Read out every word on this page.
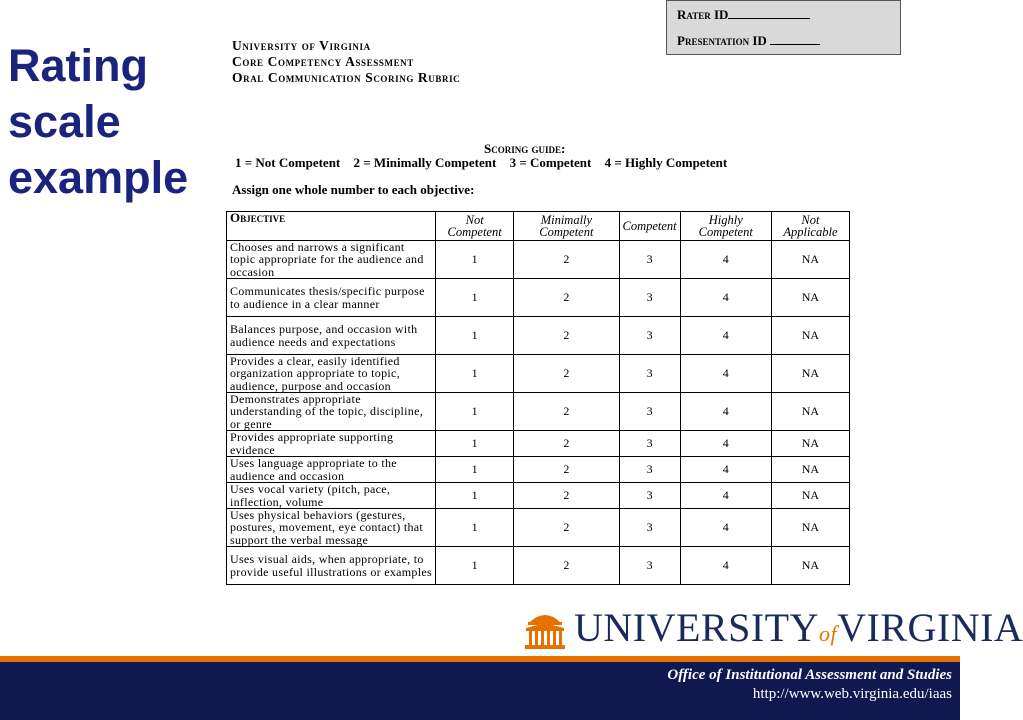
Rating scale example
Rater ID
Presentation ID
University of Virginia
Core Competency Assessment
Oral Communication Scoring Rubric
Scoring guide:
1 = Not Competent 2 = Minimally Competent 3 = Competent 4 = Highly Competent
Assign one whole number to each objective:
Objective	Not Competent	Minimally Competent	Competent	Highly Competent	Not Applicable
Chooses and narrows a significant topic appropriate for the audience and occasion	1	2	3	4	NA
Communicates thesis/specific purpose to audience in a clear manner	1	2	3	4	NA
Balances purpose, and occasion with audience needs and expectations	1	2	3	4	NA
Provides a clear, easily identified organization appropriate to topic, audience, purpose and occasion	1	2	3	4	NA
Demonstrates appropriate understanding of the topic, discipline, or genre	1	2	3	4	NA
Provides appropriate supporting evidence	1	2	3	4	NA
Uses language appropriate to the audience and occasion	1	2	3	4	NA
Uses vocal variety (pitch, pace, inflection, volume	1	2	3	4	NA
Uses physical behaviors (gestures, postures, movement, eye contact) that support the verbal message	1	2	3	4	NA
Uses visual aids, when appropriate, to provide useful illustrations or examples	1	2	3	4	NA
UNIVERSITYofVIRGINIA
Office of Institutional Assessment and Studies
http://www.web.virginia.edu/iaas
